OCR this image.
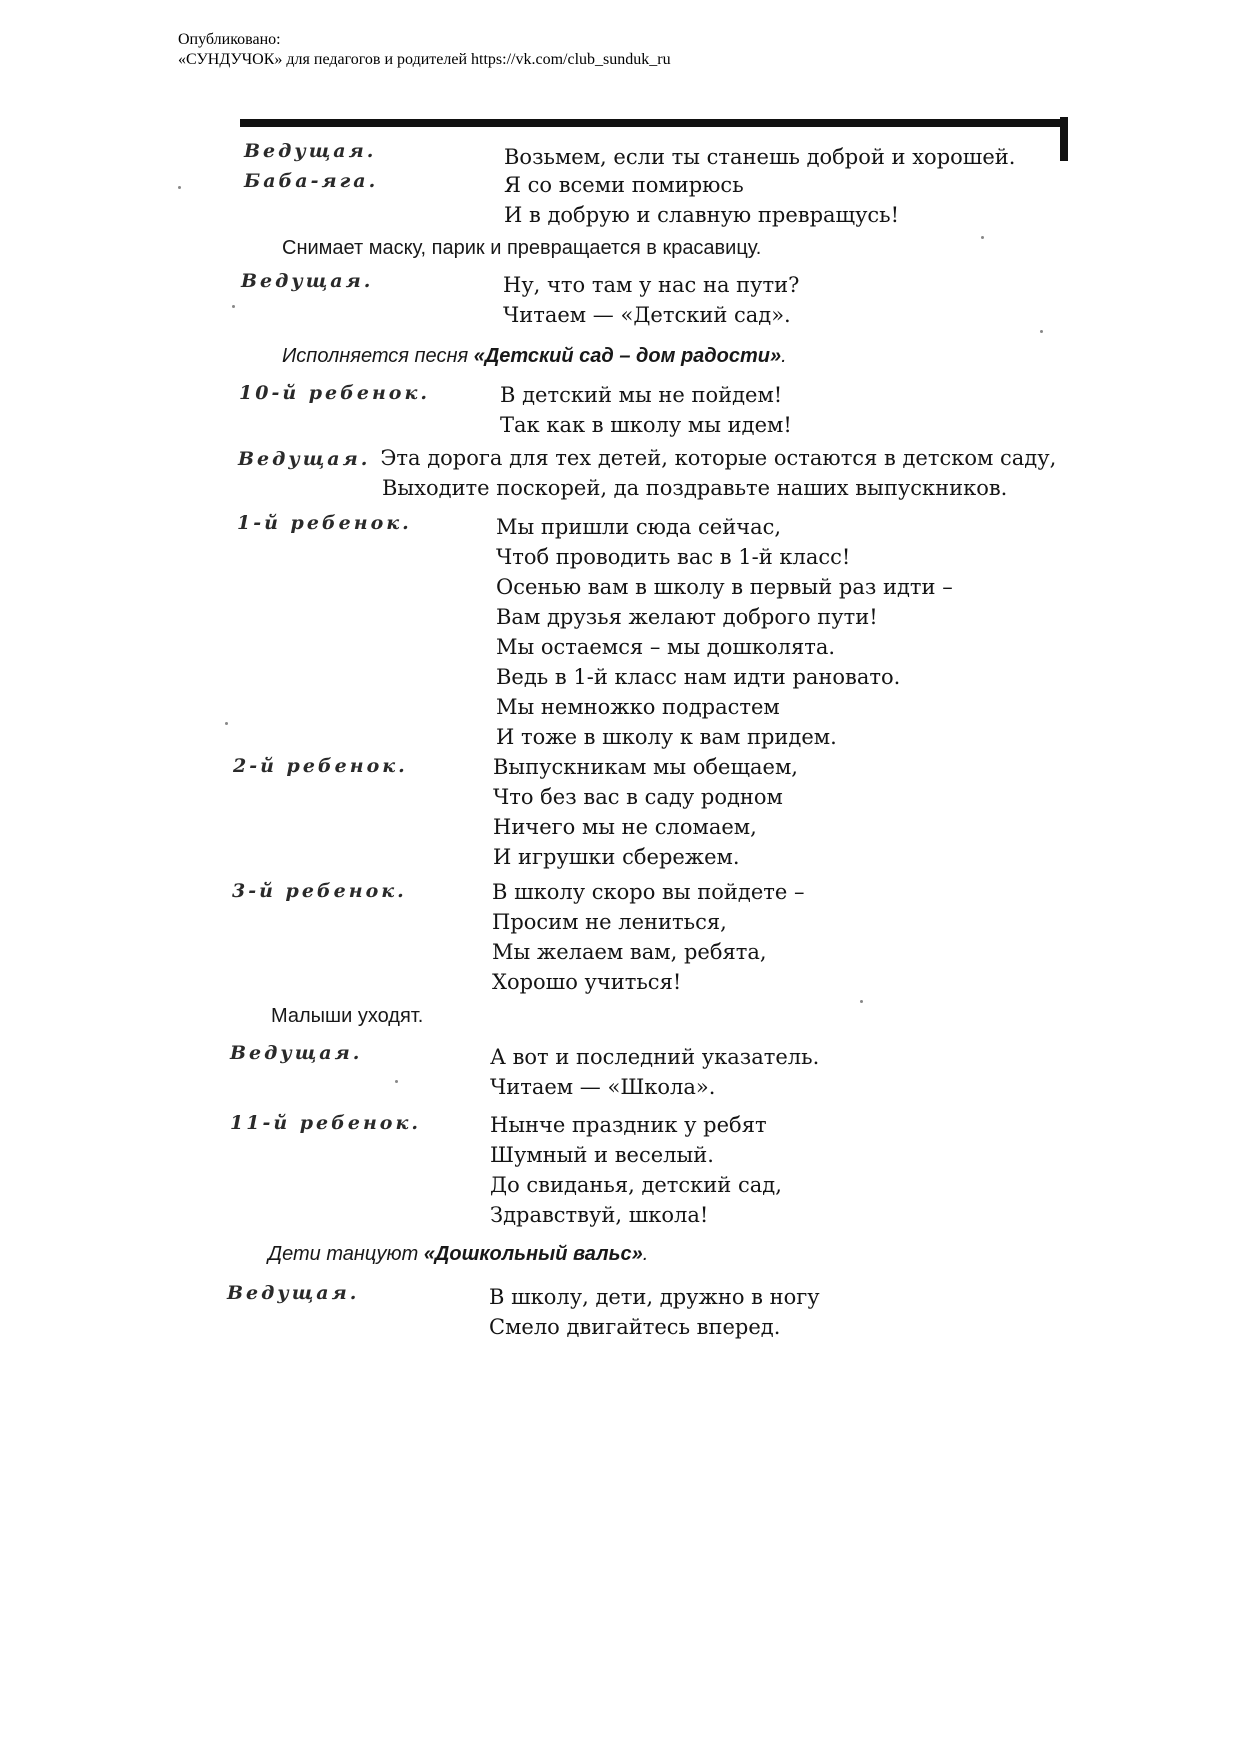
Опубликовано:
«СУНДУЧОК» для педагогов и родителей https://vk.com/club_sunduk_ru
Ведущая.	Возьмем, если ты станешь доброй и хорошей.
Баба-яга.	Я со всеми помирюсь
И в добрую и славную превращусь!
Снимает маску, парик и превращается в красавицу.
Ведущая.	Ну, что там у нас на пути?
Читаем — «Детский сад».
Исполняется песня «Детский сад – дом радости».
10-й ребенок.	В детский мы не пойдем!
Так как в школу мы идем!
Ведущая. Эта дорога для тех детей, которые остаются в детском саду,
Выходите поскорей, да поздравьте наших выпускников.
1-й ребенок.	Мы пришли сюда сейчас,
Чтоб проводить вас в 1-й класс!
Осенью вам в школу в первый раз идти –
Вам друзья желают доброго пути!
Мы остаемся – мы дошколята.
Ведь в 1-й класс нам идти рановато.
Мы немножко подрастем
И тоже в школу к вам придем.
2-й ребенок.	Выпускникам мы обещаем,
Что без вас в саду родном
Ничего мы не сломаем,
И игрушки сбережем.
3-й ребенок.	В школу скоро вы пойдете –
Просим не лениться,
Мы желаем вам, ребята,
Хорошо учиться!
Малыши уходят.
Ведущая.	А вот и последний указатель.
Читаем — «Школа».
11-й ребенок.	Нынче праздник у ребят
Шумный и веселый.
До свиданья, детский сад,
Здравствуй, школа!
Дети танцуют «Дошкольный вальс».
Ведущая.	В школу, дети, дружно в ногу
Смело двигайтесь вперед.
